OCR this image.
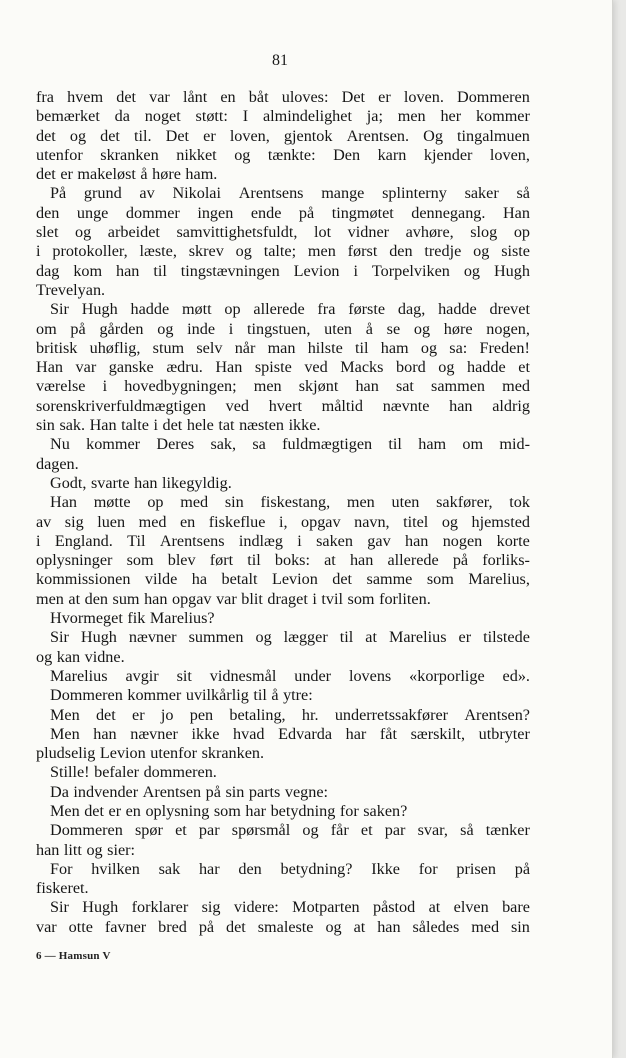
81
fra hvem det var lånt en båt uloves: Det er loven. Dommeren
bemærket da noget støtt: I almindelighet ja; men her kommer
det og det til. Det er loven, gjentok Arentsen. Og tingalmuen
utenfor skranken nikket og tænkte: Den karn kjender loven,
det er makeløst å høre ham.
På grund av Nikolai Arentsens mange splinterny saker så
den unge dommer ingen ende på tingmøtet dennegang. Han
slet og arbeidet samvittighetsfuldt, lot vidner avhøre, slog op
i protokoller, læste, skrev og talte; men først den tredje og siste
dag kom han til tingstævningen Levion i Torpelviken og Hugh
Trevelyan.
Sir Hugh hadde møtt op allerede fra første dag, hadde drevet
om på gården og inde i tingstuen, uten å se og høre nogen,
britisk uhøflig, stum selv når man hilste til ham og sa: Freden!
Han var ganske ædru. Han spiste ved Macks bord og hadde et
værelse i hovedbygningen; men skjønt han sat sammen med
sorenskriverfuldmægtigen ved hvert måltid nævnte han aldrig
sin sak. Han talte i det hele tat næsten ikke.
Nu kommer Deres sak, sa fuldmægtigen til ham om mid-
dagen.
Godt, svarte han likegyldig.
Han møtte op med sin fiskestang, men uten sakfører, tok
av sig luen med en fiskeflue i, opgav navn, titel og hjemsted
i England. Til Arentsens indlæg i saken gav han nogen korte
oplysninger som blev ført til boks: at han allerede på forliks-
kommissionen vilde ha betalt Levion det samme som Marelius,
men at den sum han opgav var blit draget i tvil som forliten.
Hvormeget fik Marelius?
Sir Hugh nævner summen og lægger til at Marelius er tilstede
og kan vidne.
Marelius avgir sit vidnesmål under lovens «korporlige ed».
Dommeren kommer uvilkårlig til å ytre:
Men det er jo pen betaling, hr. underretssakfører Arentsen?
Men han nævner ikke hvad Edvarda har fåt særskilt, utbryter
pludselig Levion utenfor skranken.
Stille! befaler dommeren.
Da indvender Arentsen på sin parts vegne:
Men det er en oplysning som har betydning for saken?
Dommeren spør et par spørsmål og får et par svar, så tænker
han litt og sier:
For hvilken sak har den betydning? Ikke for prisen på
fiskeret.
Sir Hugh forklarer sig videre: Motparten påstod at elven bare
var otte favner bred på det smaleste og at han således med sin
6 — Hamsun V
